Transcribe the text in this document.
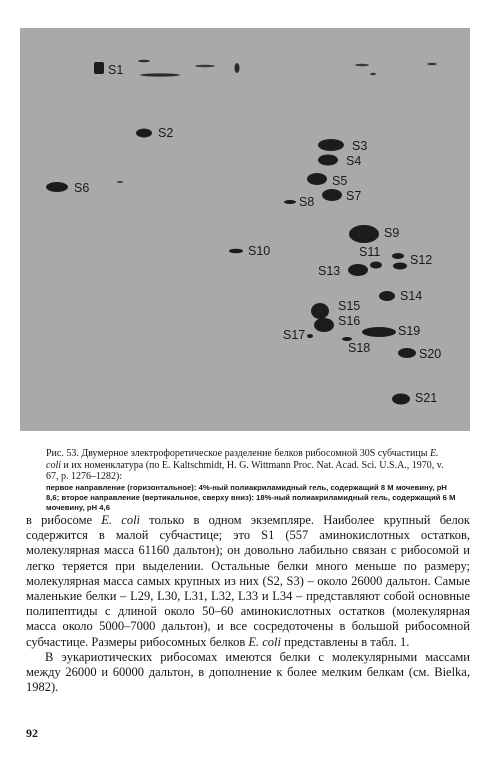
S1
S2
S3
S4
S5
S6
S7
S8
S9
S10	S11
S12
S13
S14
S15
S16
S17
S18
S19
S20
S21

Рис. 53. Двумерное электрофоретическое разделение белков рибосомной 30S субчастицы E. coli и их номенклатура (по E. Kaltschmidt, H. G. Wittmann Proc. Nat. Acad. Sci. U.S.A., 1970, v. 67, p. 1276–1282):

первое направление (горизонтальное): 4%-ный полиакриламидный гель, содержащий 8 М мочевину, рН 8,6; второе направление (вертикальное, сверху вниз): 18%-ный полиакриламидный гель, содержащий 6 М мочевину, рН 4,6

в рибосоме E. coli только в одном экземпляре. Наиболее крупный белок содержится в малой субчастице; это S1 (557 аминокислотных остатков, молекулярная масса 61160 дальтон); он довольно лабильно связан с рибосомой и легко теряется при выделении. Остальные белки много меньше по размеру; молекулярная масса самых крупных из них (S2, S3) – около 26000 дальтон. Самые маленькие белки – L29, L30, L31, L32, L33 и L34 – представляют собой основные полипептиды с длиной около 50–60 аминокислотных остатков (молекулярная масса около 5000–7000 дальтон), и все сосредоточены в большой рибосомной субчастице. Размеры рибосомных белков E. coli представлены в табл. 1.

В эукариотических рибосомах имеются белки с молекулярными массами между 26000 и 60000 дальтон, в дополнение к более мелким белкам (см. Bielka, 1982).

92
